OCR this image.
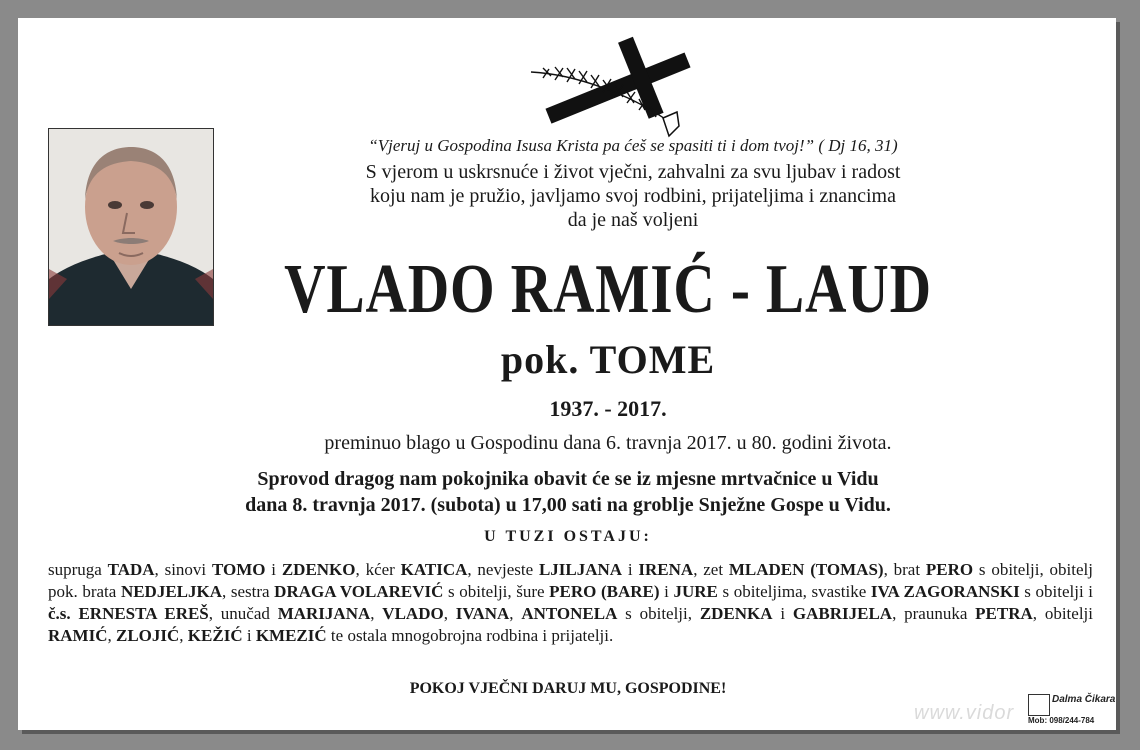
“Vjeruj u Gospodina Isusa Krista pa ćeš se spasiti ti i dom tvoj!” ( Dj 16, 31)
S vjerom u uskrsnuće i život vječni, zahvalni za svu ljubav i radost
koju nam je pružio, javljamo svoj rodbini, prijateljima i znancima
da je naš voljeni
VLADO RAMIĆ - LAUD
pok. TOME
1937. - 2017.
preminuo blago u Gospodinu dana 6. travnja 2017. u 80. godini života.
Sprovod dragog nam pokojnika obavit će se iz mjesne mrtvačnice u Vidu
dana 8. travnja 2017. (subota) u 17,00 sati na groblje Snježne Gospe u Vidu.
U TUZI OSTAJU:
supruga TADA, sinovi TOMO i ZDENKO, kćer KATICA, nevjeste LJILJANA i IRENA, zet MLADEN (TOMAS), brat PERO s obitelji, obitelj pok. brata NEDJELJKA, sestra DRAGA VOLAREVIĆ s obitelji, šure PERO (BARE) i JURE s obiteljima, svastike IVA ZAGORANSKI s obitelji i č.s. ERNESTA EREŠ, unučad MARIJANA, VLADO, IVANA, ANTONELA s obitelji, ZDENKA i GABRIJELA, praunuka PETRA, obitelji RAMIĆ, ZLOJIĆ, KEŽIĆ i KMEZIĆ te ostala mnogobrojna rodbina i prijatelji.
POKOJ VJEČNI DARUJ MU, GOSPODINE!
Dalma Čikara
Mob: 098/244-784
www.vidor
